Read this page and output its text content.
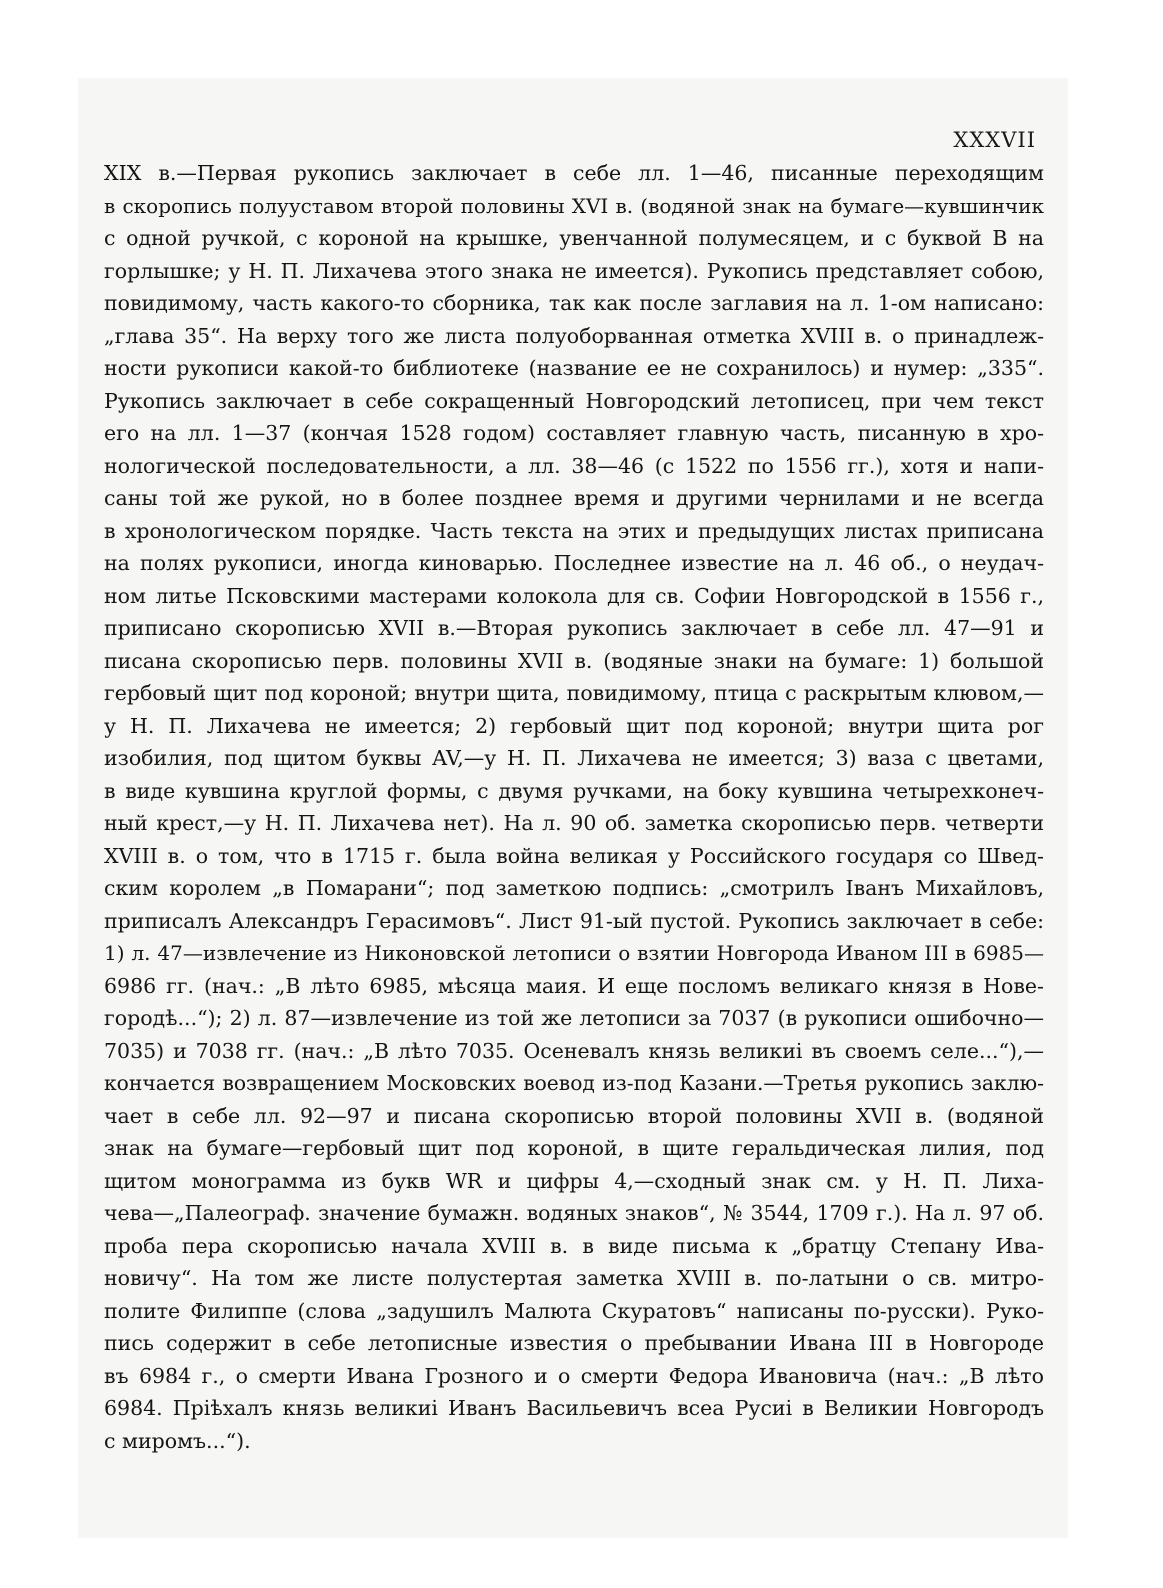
XXXVII
XIX в.—Первая рукопись заключает в себе лл. 1—46, писанные переходящим
в скоропись полууставом второй половины XVI в. (водяной знак на бумаге—кувшинчик
с одной ручкой, с короной на крышке, увенчанной полумесяцем, и с буквой В на
горлышке; у Н. П. Лихачева этого знака не имеется). Рукопись представляет собою,
повидимому, часть какого-то сборника, так как после заглавия на л. 1-ом написано:
„глава 35“. На верху того же листа полуоборванная отметка XVIII в. о принадлеж-
ности рукописи какой-то библиотеке (название ее не сохранилось) и нумер: „335“.
Рукопись заключает в себе сокращенный Новгородский летописец, при чем текст
его на лл. 1—37 (кончая 1528 годом) составляет главную часть, писанную в хро-
нологической последовательности, а лл. 38—46 (с 1522 по 1556 гг.), хотя и напи-
саны той же рукой, но в более позднее время и другими чернилами и не всегда
в хронологическом порядке. Часть текста на этих и предыдущих листах приписана
на полях рукописи, иногда киноварью. Последнее известие на л. 46 об., о неудач-
ном литье Псковскими мастерами колокола для св. Софии Новгородской в 1556 г.,
приписано скорописью XVII в.—Вторая рукопись заключает в себе лл. 47—91 и
писана скорописью перв. половины XVII в. (водяные знаки на бумаге: 1) большой
гербовый щит под короной; внутри щита, повидимому, птица с раскрытым клювом,—
у Н. П. Лихачева не имеется; 2) гербовый щит под короной; внутри щита рог
изобилия, под щитом буквы AV,—у Н. П. Лихачева не имеется; 3) ваза с цветами,
в виде кувшина круглой формы, с двумя ручками, на боку кувшина четырехконеч-
ный крест,—у Н. П. Лихачева нет). На л. 90 об. заметка скорописью перв. четверти
XVIII в. о том, что в 1715 г. была война великая у Российского государя со Швед-
ским королем „в Помарани“; под заметкою подпись: „смотрилъ Іванъ Михайловъ,
приписалъ Александръ Герасимовъ“. Лист 91-ый пустой. Рукопись заключает в себе:
1) л. 47—извлечение из Никоновской летописи о взятии Новгорода Иваном III в 6985—
6986 гг. (нач.: „В лѣто 6985, мѣсяца маия. И еще посломъ великаго князя в Нове-
городѣ...“); 2) л. 87—извлечение из той же летописи за 7037 (в рукописи ошибочно—
7035) и 7038 гг. (нач.: „В лѣто 7035. Осеневалъ князь великиі въ своемъ селе...“),—
кончается возвращением Московских воевод из-под Казани.—Третья рукопись заклю-
чает в себе лл. 92—97 и писана скорописью второй половины XVII в. (водяной
знак на бумаге—гербовый щит под короной, в щите геральдическая лилия, под
щитом монограмма из букв WR и цифры 4,—сходный знак см. у Н. П. Лиха-
чева—„Палеограф. значение бумажн. водяных знаков“, № 3544, 1709 г.). На л. 97 об.
проба пера скорописью начала XVIII в. в виде письма к „братцу Степану Ива-
новичу“. На том же листе полустертая заметка XVIII в. по-латыни о св. митро-
полите Филиппе (слова „задушилъ Малюта Скуратовъ“ написаны по-русски). Руко-
пись содержит в себе летописные известия о пребывании Ивана III в Новгороде
въ 6984 г., о смерти Ивана Грозного и о смерти Федора Ивановича (нач.: „В лѣто
6984. Пріѣхалъ князь великиі Иванъ Васильевичъ всеа Русиі в Великии Новгородъ
с миромъ...“).
